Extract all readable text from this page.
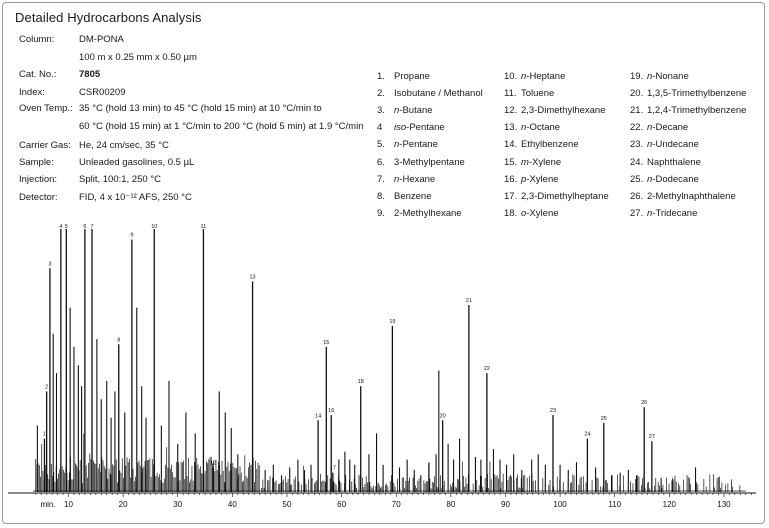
Detailed Hydrocarbons Analysis
Column:	DM-PONA
100 m x 0.25 mm x 0.50 µm
Cat. No.: 7805
Index:	CSR00209
Oven Temp.: 35 °C (hold 13 min) to 45 °C (hold 15 min) at 10 °C/min to
60 °C (hold 15 min) at 1 °C/min to 200 °C (hold 5 min) at 1.9 °C/min
Carrier Gas: He, 24 cm/sec, 35 °C
Sample:	Unleaded gasolines, 0.5 µL
Injection: Split, 100:1, 250 °C
Detector: FID, 4 x 10⁻¹² AFS, 250 °C
1. Propane
2. Isobutane / Methanol
3. n-Butane
4 iso-Pentane
5. n-Pentane
6. 3-Methylpentane
7. n-Hexane
8. Benzene
9. 2-Methylhexane
10. n-Heptane
11. Toluene
12. 2,3-Dimethylhexane
13. n-Octane
14. Ethylbenzene
15. m-Xylene
16. p-Xylene
17. 2,3-Dimethylheptane
18. o-Xylene
19. n-Nonane
20. 1,3,5-Trimethylbenzene
21. 1,2,4-Trimethylbenzene
22. n-Decane
23. n-Undecane
24. Naphthalene
25. n-Dodecane
26. 2-Methylnaphthalene
27. n-Tridecane
10	20	30	40	50	60	70	80	90	100	110	120	130
min.
1
2
3
4 5	6 7
8
9
10	11
12
13
14
15
16
17
18
19
20
21
22
23
24
25
26
27
